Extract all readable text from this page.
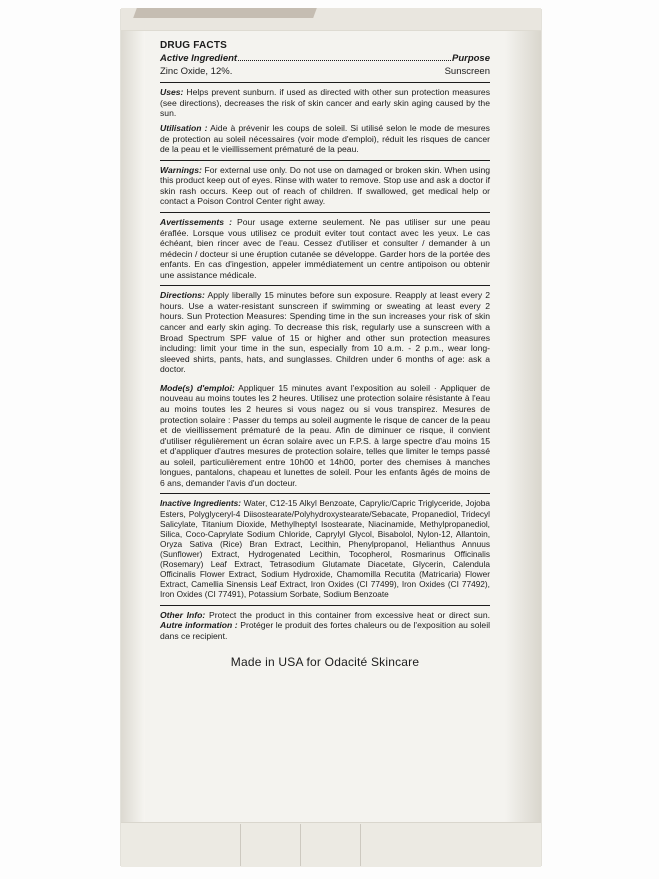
DRUG FACTS
Active Ingredient	Purpose
Zinc Oxide, 12%.	Sunscreen

Uses: Helps prevent sunburn. if used as directed with other sun protection measures (see directions), decreases the risk of skin cancer and early skin aging caused by the sun.

Utilisation : Aide à prévenir les coups de soleil. Si utilisé selon le mode de mesures de protection au soleil nécessaires (voir mode d'emploi), réduit les risques de cancer de la peau et le vieillissement prématuré de la peau.

Warnings: For external use only. Do not use on damaged or broken skin. When using this product keep out of eyes. Rinse with water to remove. Stop use and ask a doctor if skin rash occurs. Keep out of reach of children. If swallowed, get medical help or contact a Poison Control Center right away.

Avertissements : Pour usage externe seulement. Ne pas utiliser sur une peau éraflée. Lorsque vous utilisez ce produit eviter tout contact avec les yeux. Le cas échéant, bien rincer avec de l'eau. Cessez d'utiliser et consulter / demander à un médecin / docteur si une éruption cutanée se développe. Garder hors de la portée des enfants. En cas d'ingestion, appeler immédiatement un centre antipoison ou obtenir une assistance médicale.

Directions: Apply liberally 15 minutes before sun exposure. Reapply at least every 2 hours. Use a water-resistant sunscreen if swimming or sweating at least every 2 hours. Sun Protection Measures: Spending time in the sun increases your risk of skin cancer and early skin aging. To decrease this risk, regularly use a sunscreen with a Broad Spectrum SPF value of 15 or higher and other sun protection measures including: limit your time in the sun, especially from 10 a.m. - 2 p.m., wear long-sleeved shirts, pants, hats, and sunglasses. Children under 6 months of age: ask a doctor.

Mode(s) d'emploi: Appliquer 15 minutes avant l'exposition au soleil · Appliquer de nouveau au moins toutes les 2 heures. Utilisez une protection solaire résistante à l'eau au moins toutes les 2 heures si vous nagez ou si vous transpirez. Mesures de protection solaire : Passer du temps au soleil augmente le risque de cancer de la peau et de vieillissement prématuré de la peau. Afin de diminuer ce risque, il convient d'utiliser régulièrement un écran solaire avec un F.P.S. à large spectre d'au moins 15 et d'appliquer d'autres mesures de protection solaire, telles que limiter le temps passé au soleil, particulièrement entre 10h00 et 14h00, porter des chemises à manches longues, pantalons, chapeau et lunettes de soleil. Pour les enfants âgés de moins de 6 ans, demander l'avis d'un docteur.

Inactive Ingredients: Water, C12-15 Alkyl Benzoate, Caprylic/Capric Triglyceride, Jojoba Esters, Polyglyceryl-4 Diisostearate/Polyhydroxystearate/Sebacate, Propanediol, Tridecyl Salicylate, Titanium Dioxide, Methylheptyl Isostearate, Niacinamide, Methylpropanediol, Silica, Coco-Caprylate Sodium Chloride, Caprylyl Glycol, Bisabolol, Nylon-12, Allantoin, Oryza Sativa (Rice) Bran Extract, Lecithin, Phenylpropanol, Helianthus Annuus (Sunflower) Extract, Hydrogenated Lecithin, Tocopherol, Rosmarinus Officinalis (Rosemary) Leaf Extract, Tetrasodium Glutamate Diacetate, Glycerin, Calendula Officinalis Flower Extract, Sodium Hydroxide, Chamomilla Recutita (Matricaria) Flower Extract, Camellia Sinensis Leaf Extract, Iron Oxides (CI 77499), Iron Oxides (CI 77492), Iron Oxides (CI 77491), Potassium Sorbate, Sodium Benzoate

Other Info: Protect the product in this container from excessive heat or direct sun. Autre information : Protéger le produit des fortes chaleurs ou de l'exposition au soleil dans ce recipient.

Made in USA for Odacité Skincare
